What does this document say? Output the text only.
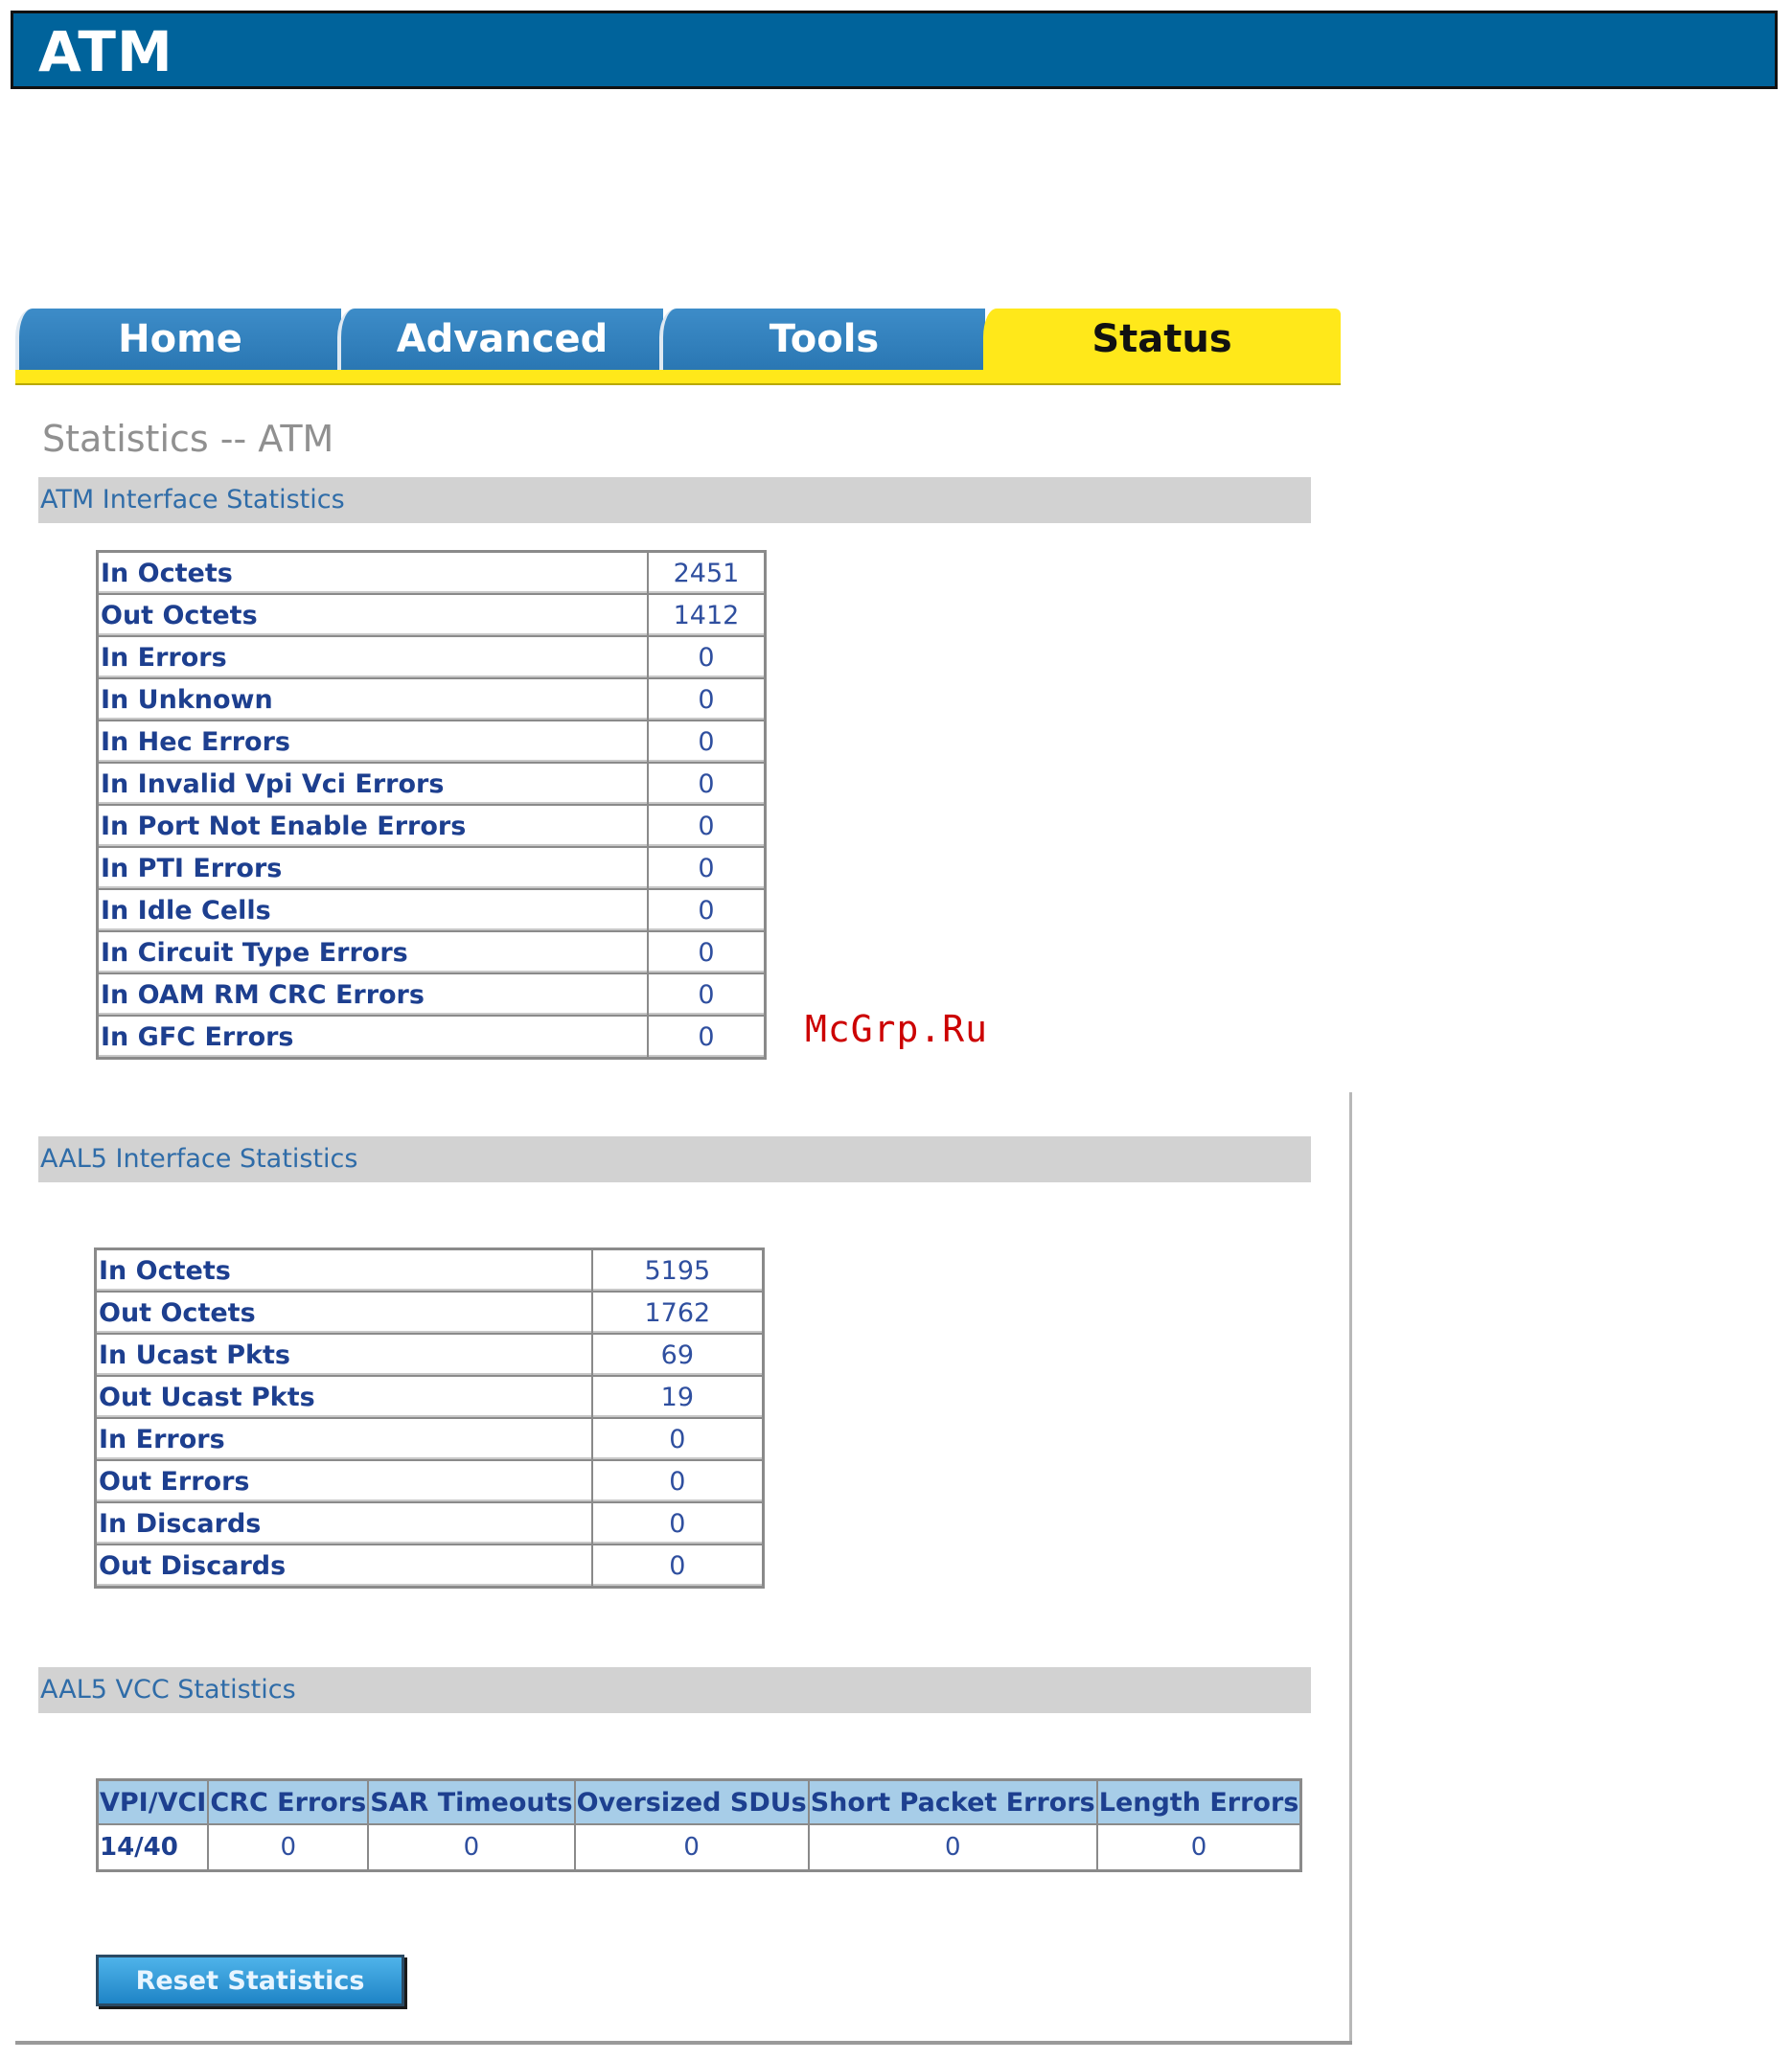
ATM
Home	Advanced	Tools	Status
Statistics -- ATM
ATM Interface Statistics
In Octets	2451
Out Octets	1412
In Errors	0
In Unknown	0
In Hec Errors	0
In Invalid Vpi Vci Errors	0
In Port Not Enable Errors	0
In PTI Errors	0
In Idle Cells	0
In Circuit Type Errors	0
In OAM RM CRC Errors	0
In GFC Errors	0
AAL5 Interface Statistics
In Octets	5195
Out Octets	1762
In Ucast Pkts	69
Out Ucast Pkts	19
In Errors	0
Out Errors	0
In Discards	0
Out Discards	0
AAL5 VCC Statistics
VPI/VCI	CRC Errors	SAR Timeouts	Oversized SDUs	Short Packet Errors	Length Errors
14/40	0	0	0	0	0
Reset Statistics
McGrp.Ru
